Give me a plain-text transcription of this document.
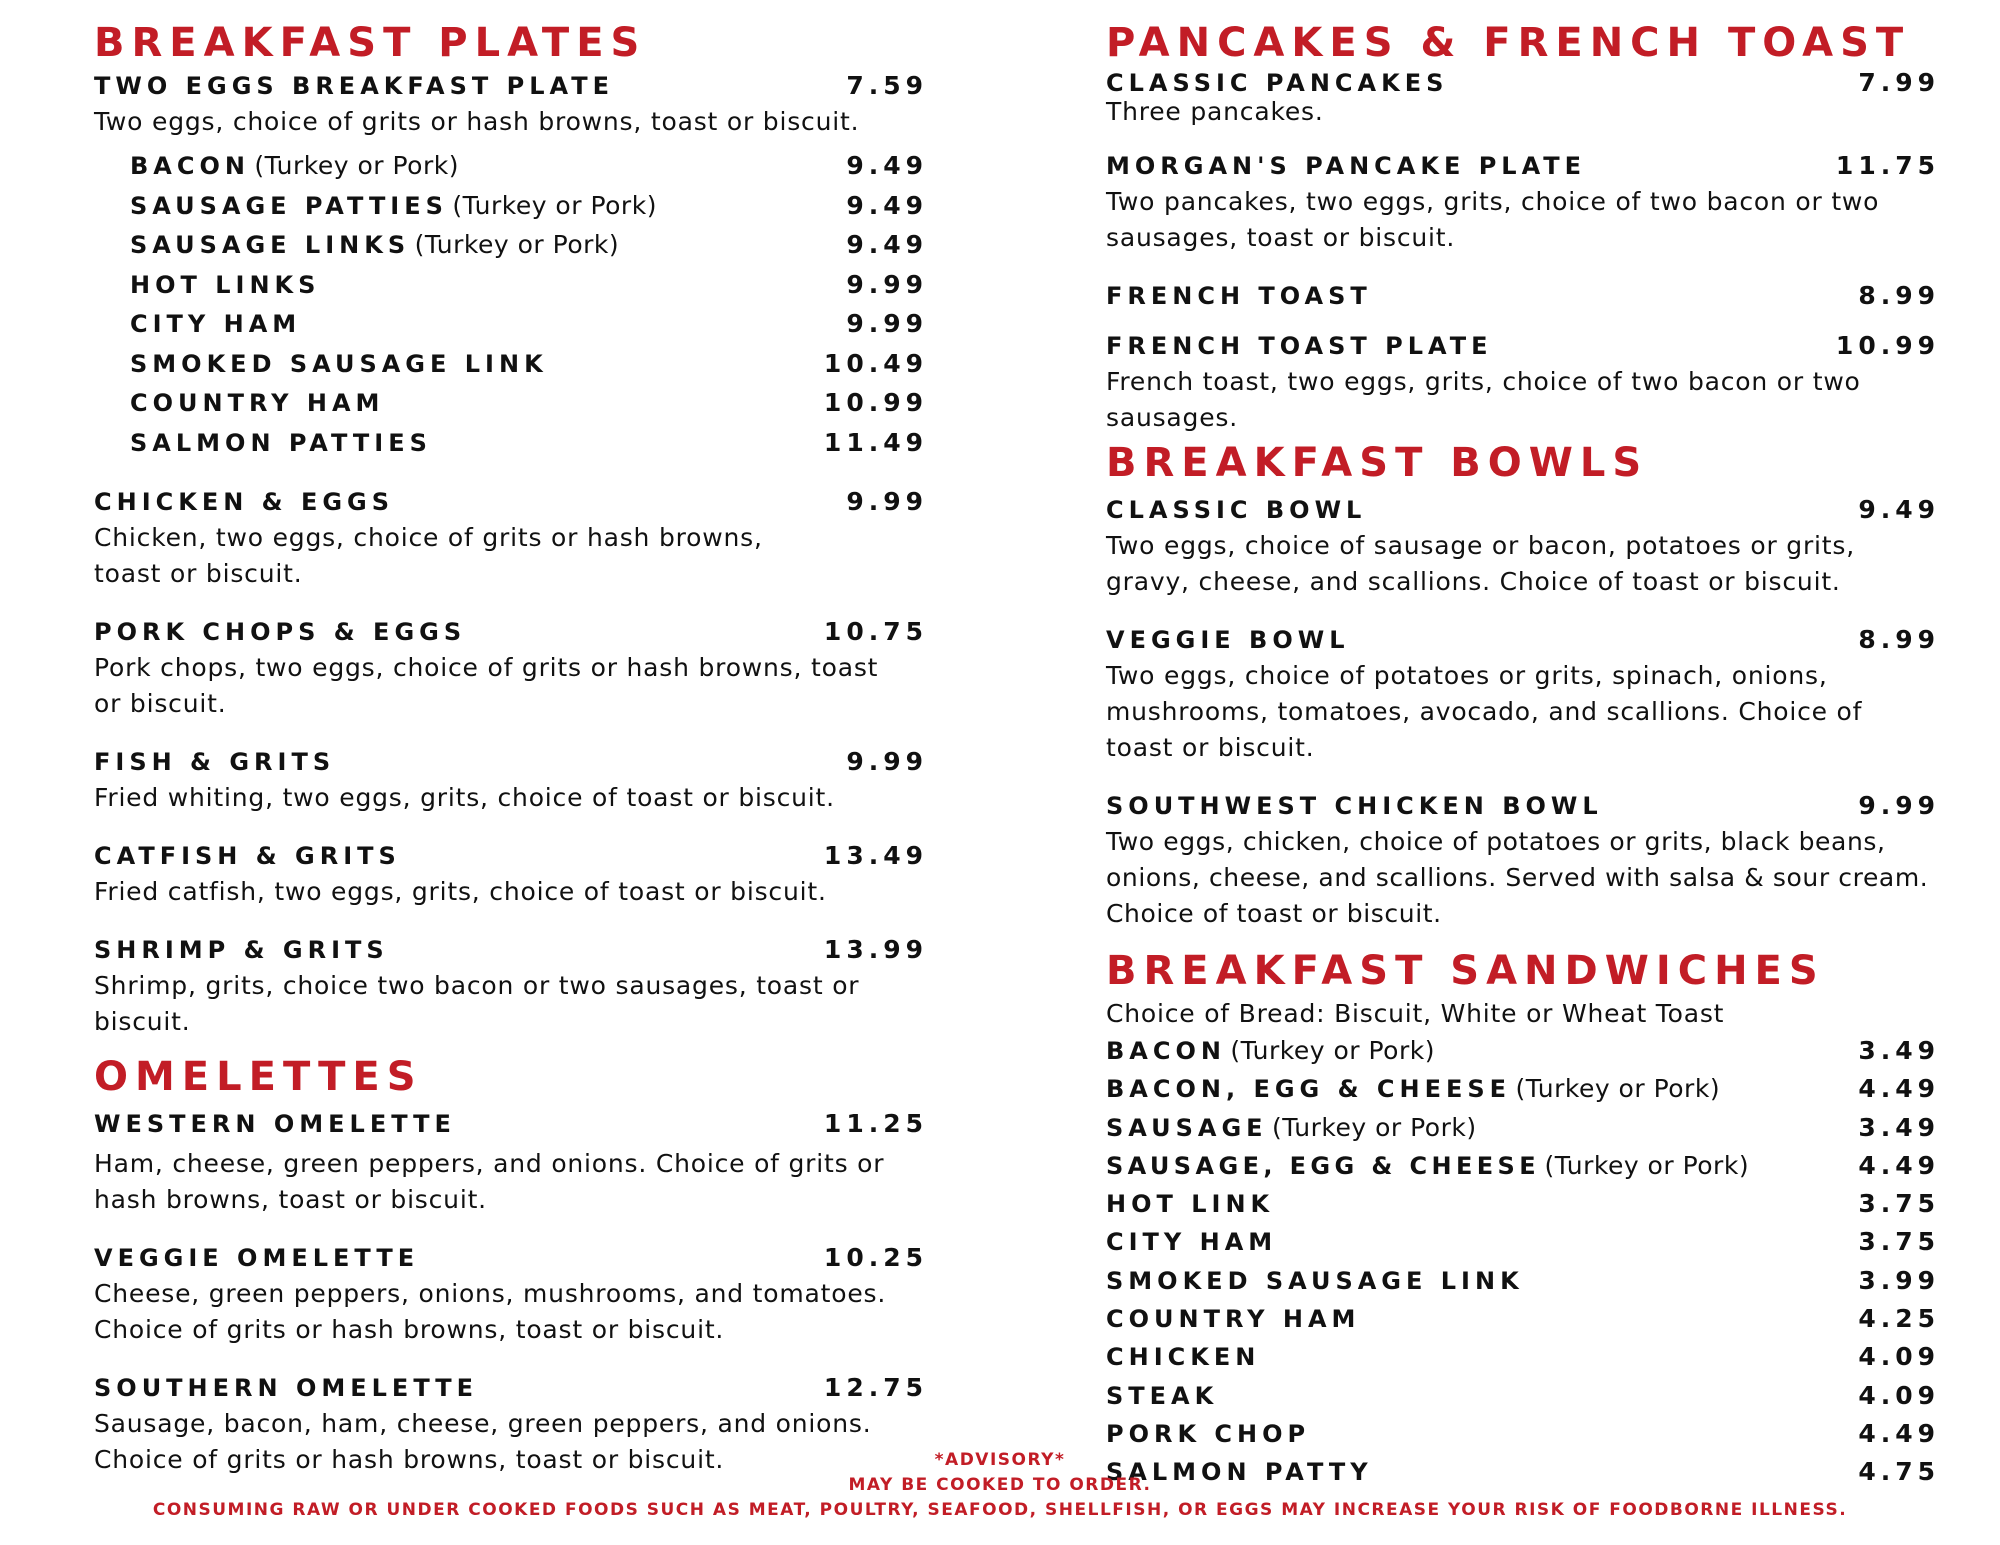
BREAKFAST PLATES
TWO EGGS BREAKFAST PLATE	7.59
Two eggs, choice of grits or hash browns, toast or biscuit.
BACON (Turkey or Pork)	9.49
SAUSAGE PATTIES (Turkey or Pork)	9.49
SAUSAGE LINKS (Turkey or Pork)	9.49
HOT LINKS	9.99
CITY HAM	9.99
SMOKED SAUSAGE LINK	10.49
COUNTRY HAM	10.99
SALMON PATTIES	11.49
CHICKEN & EGGS	9.99
Chicken, two eggs, choice of grits or hash browns, toast or biscuit.
PORK CHOPS & EGGS	10.75
Pork chops, two eggs, choice of grits or hash browns, toast or biscuit.
FISH & GRITS	9.99
Fried whiting, two eggs, grits, choice of toast or biscuit.
CATFISH & GRITS	13.49
Fried catfish, two eggs, grits, choice of toast or biscuit.
SHRIMP & GRITS	13.99
Shrimp, grits, choice two bacon or two sausages, toast or biscuit.
OMELETTES
WESTERN OMELETTE	11.25
Ham, cheese, green peppers, and onions. Choice of grits or hash browns, toast or biscuit.
VEGGIE OMELETTE	10.25
Cheese, green peppers, onions, mushrooms, and tomatoes. Choice of grits or hash browns, toast or biscuit.
SOUTHERN OMELETTE	12.75
Sausage, bacon, ham, cheese, green peppers, and onions. Choice of grits or hash browns, toast or biscuit.
PANCAKES & FRENCH TOAST
CLASSIC PANCAKES	7.99
Three pancakes.
MORGAN'S PANCAKE PLATE	11.75
Two pancakes, two eggs, grits, choice of two bacon or two sausages, toast or biscuit.
FRENCH TOAST	8.99
FRENCH TOAST PLATE	10.99
French toast, two eggs, grits, choice of two bacon or two sausages.
BREAKFAST BOWLS
CLASSIC BOWL	9.49
Two eggs, choice of sausage or bacon, potatoes or grits, gravy, cheese, and scallions. Choice of toast or biscuit.
VEGGIE BOWL	8.99
Two eggs, choice of potatoes or grits, spinach, onions, mushrooms, tomatoes, avocado, and scallions. Choice of toast or biscuit.
SOUTHWEST CHICKEN BOWL	9.99
Two eggs, chicken, choice of potatoes or grits, black beans, onions, cheese, and scallions. Served with salsa & sour cream. Choice of toast or biscuit.
BREAKFAST SANDWICHES
Choice of Bread: Biscuit, White or Wheat Toast
BACON (Turkey or Pork)	3.49
BACON, EGG & CHEESE (Turkey or Pork)	4.49
SAUSAGE (Turkey or Pork)	3.49
SAUSAGE, EGG & CHEESE (Turkey or Pork)	4.49
HOT LINK	3.75
CITY HAM	3.75
SMOKED SAUSAGE LINK	3.99
COUNTRY HAM	4.25
CHICKEN	4.09
STEAK	4.09
PORK CHOP	4.49
SALMON PATTY	4.75
*ADVISORY*
MAY BE COOKED TO ORDER.
CONSUMING RAW OR UNDER COOKED FOODS SUCH AS MEAT, POULTRY, SEAFOOD, SHELLFISH, OR EGGS MAY INCREASE YOUR RISK OF FOODBORNE ILLNESS.
